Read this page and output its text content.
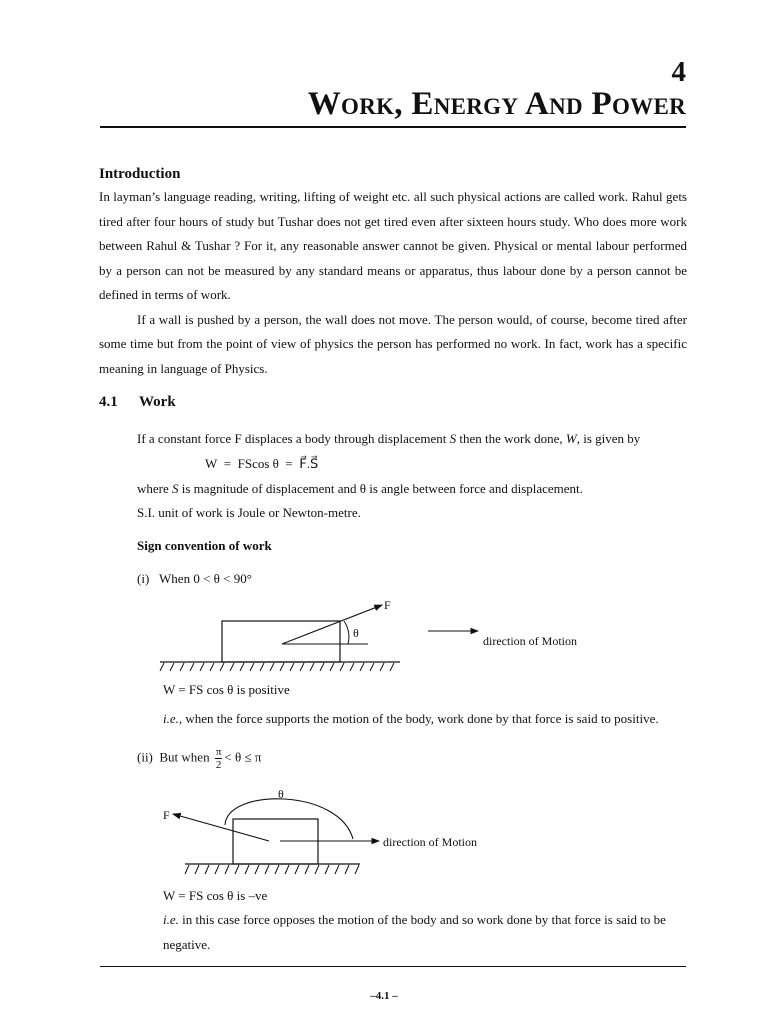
4
Work, Energy And Power
Introduction

In layman’s language reading, writing, lifting of weight etc. all such physical actions are called work. Rahul gets tired after four hours of study but Tushar does not get tired even after sixteen hours study. Who does more work between Rahul & Tushar ? For it, any reasonable answer cannot be given. Physical or mental labour performed by a person can not be measured by any standard means or apparatus, thus labour done by a person cannot be defined in terms of work.

If a wall is pushed by a person, the wall does not move. The person would, of course, become tired after some time but from the point of view of physics the person has performed no work. In fact, work has a specific meaning in language of Physics.

4.1 Work
If a constant force F displaces a body through displacement S then the work done, W, is given by
W = FScos θ = F⃗.S⃗
where S is magnitude of displacement and θ is angle between force and displacement.
S.I. unit of work is Joule or Newton-metre.
Sign convention of work
(i) When 0 < θ < 90°
F
θ
direction of Motion
W = FS cos θ is positive
i.e., when the force supports the motion of the body, work done by that force is said to positive.
(ii) But when $\frac{\pi}{2} < \theta \le \pi$
θ
F
direction of Motion
W = FS cos θ is –ve
i.e. in this case force opposes the motion of the body and so work done by that force is said to be
negative.
–4.1 –
